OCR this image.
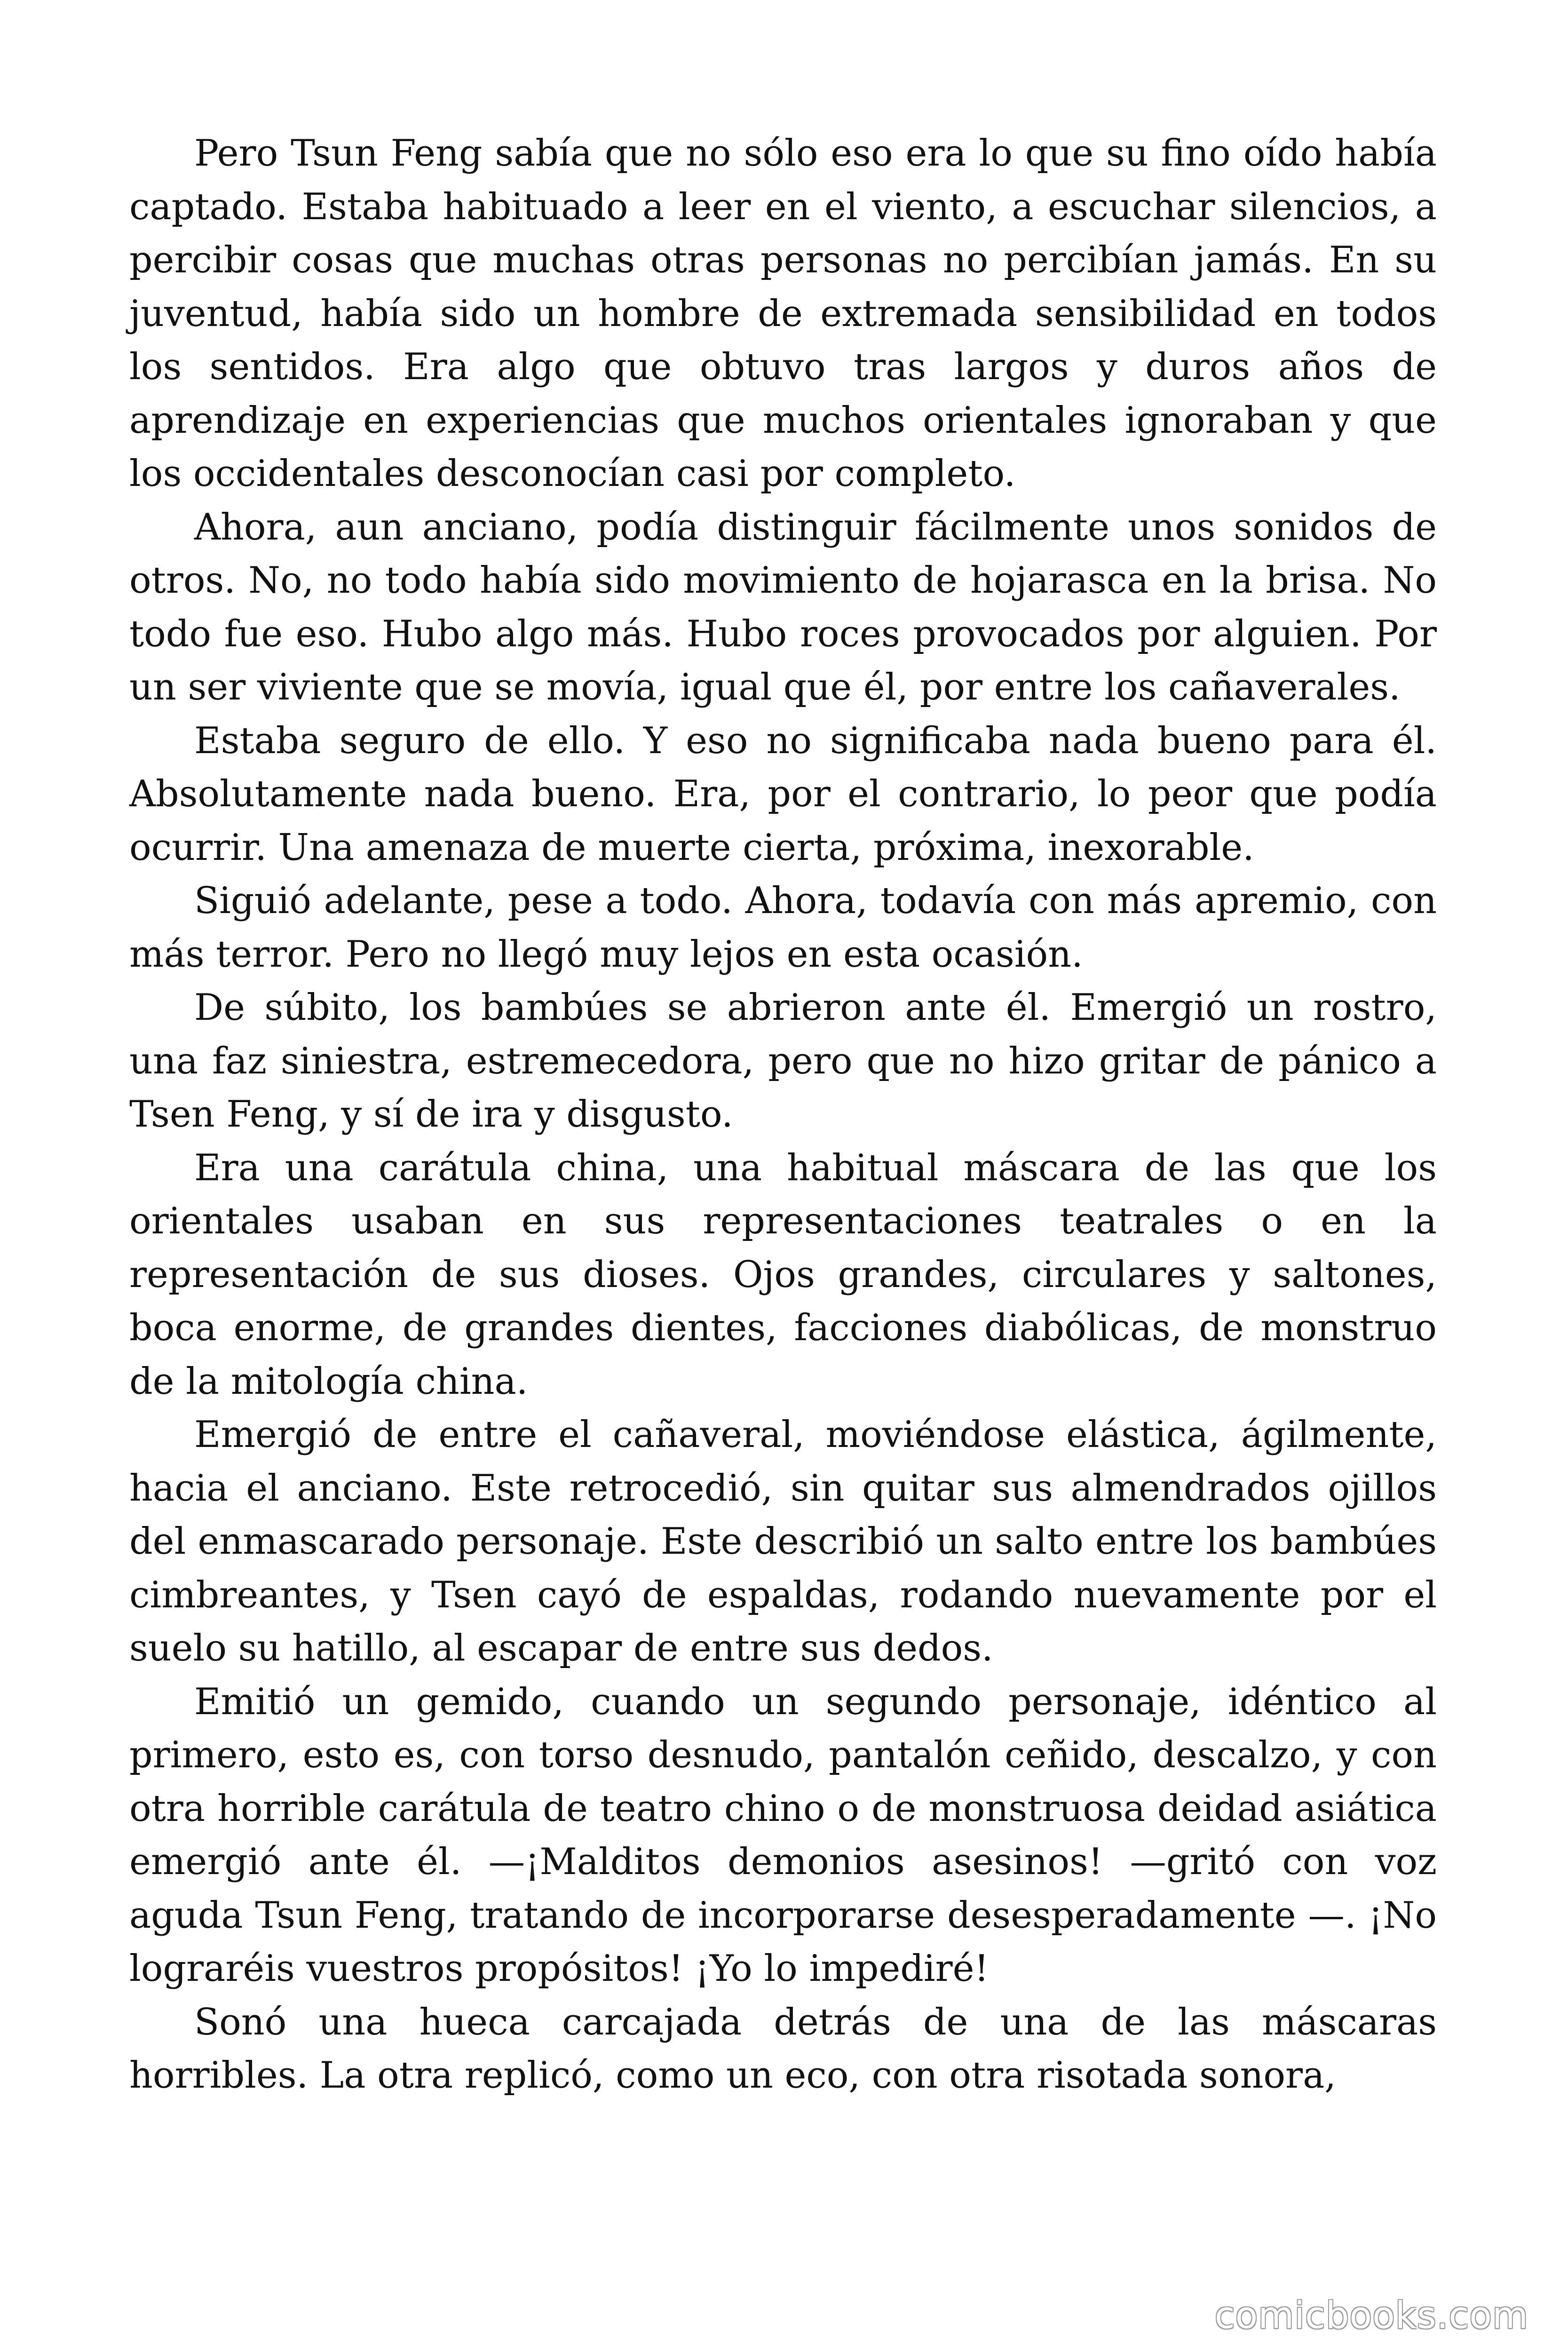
Pero Tsun Feng sabía que no sólo eso era lo que su fino oído había captado. Estaba habituado a leer en el viento, a escuchar silencios, a percibir cosas que muchas otras personas no percibían jamás. En su juventud, había sido un hombre de extremada sensibilidad en todos los sentidos. Era algo que obtuvo tras largos y duros años de aprendizaje en experiencias que muchos orientales ignoraban y que los occidentales desconocían casi por completo.

Ahora, aun anciano, podía distinguir fácilmente unos sonidos de otros. No, no todo había sido movimiento de hojarasca en la brisa. No todo fue eso. Hubo algo más. Hubo roces provocados por alguien. Por un ser viviente que se movía, igual que él, por entre los cañaverales.

Estaba seguro de ello. Y eso no significaba nada bueno para él. Absolutamente nada bueno. Era, por el contrario, lo peor que podía ocurrir. Una amenaza de muerte cierta, próxima, inexorable.

Siguió adelante, pese a todo. Ahora, todavía con más apremio, con más terror. Pero no llegó muy lejos en esta ocasión.

De súbito, los bambúes se abrieron ante él. Emergió un rostro, una faz siniestra, estremecedora, pero que no hizo gritar de pánico a Tsen Feng, y sí de ira y disgusto.

Era una carátula china, una habitual máscara de las que los orientales usaban en sus representaciones teatrales o en la representación de sus dioses. Ojos grandes, circulares y saltones, boca enorme, de grandes dientes, facciones diabólicas, de monstruo de la mitología china.

Emergió de entre el cañaveral, moviéndose elástica, ágilmente, hacia el anciano. Este retrocedió, sin quitar sus almendrados ojillos del enmascarado personaje. Este describió un salto entre los bambúes cimbreantes, y Tsen cayó de espaldas, rodando nuevamente por el suelo su hatillo, al escapar de entre sus dedos.

Emitió un gemido, cuando un segundo personaje, idéntico al primero, esto es, con torso desnudo, pantalón ceñido, descalzo, y con otra horrible carátula de teatro chino o de monstruosa deidad asiática emergió ante él. —¡Malditos demonios asesinos! —gritó con voz aguda Tsun Feng, tratando de incorporarse desesperadamente —. ¡No lograréis vuestros propósitos! ¡Yo lo impediré!

Sonó una hueca carcajada detrás de una de las máscaras horribles. La otra replicó, como un eco, con otra risotada sonora,

comicbooks.com
